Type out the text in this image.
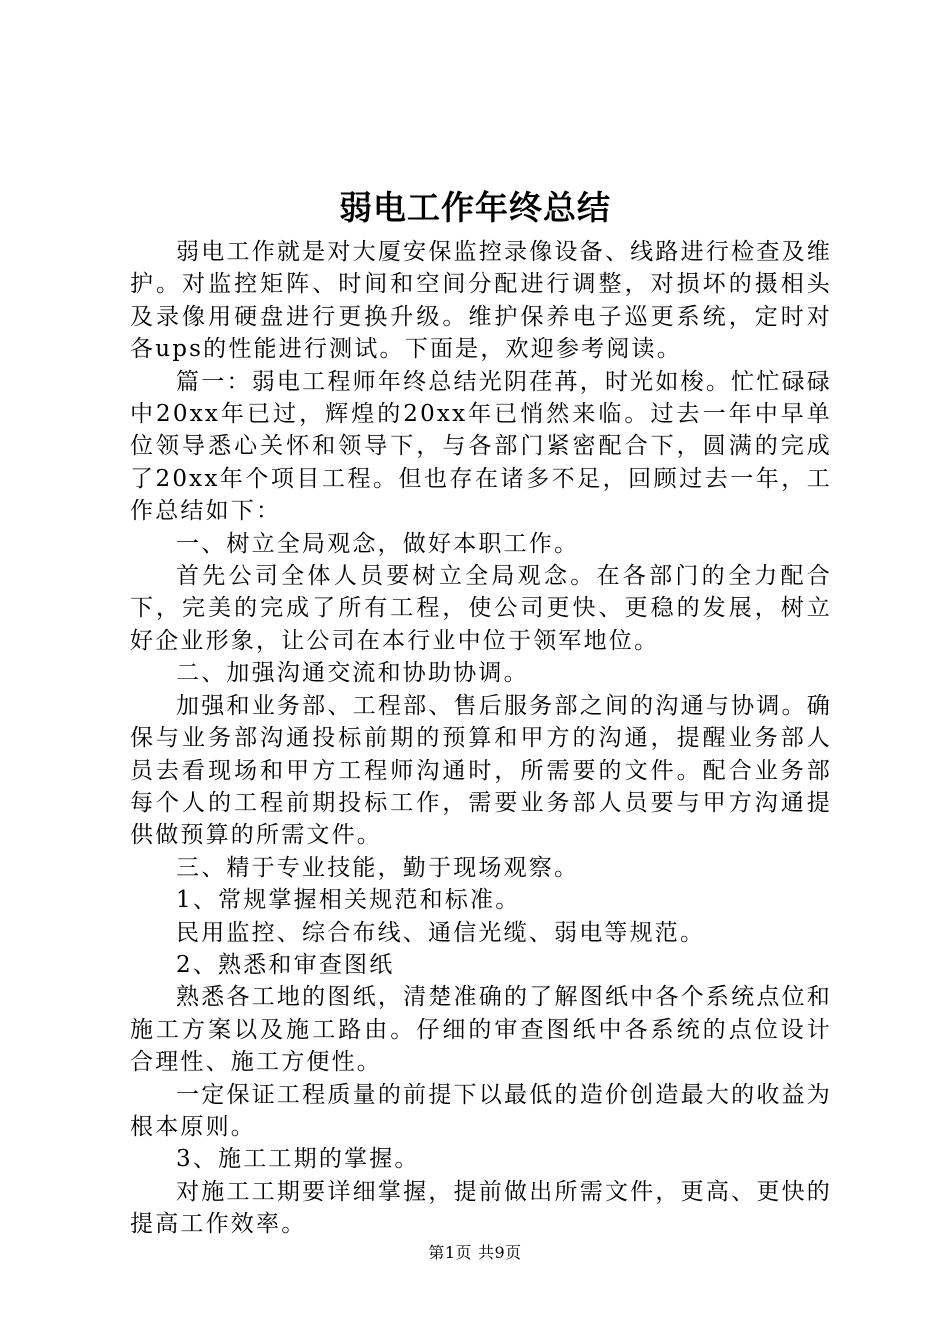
弱电工作年终总结

弱电工作就是对大厦安保监控录像设备、线路进行检查及维护。对监控矩阵、时间和空间分配进行调整，对损坏的摄相头及录像用硬盘进行更换升级。维护保养电子巡更系统，定时对各ups的性能进行测试。下面是，欢迎参考阅读。

篇一：弱电工程师年终总结光阴荏苒，时光如梭。忙忙碌碌中20xx年已过，辉煌的20xx年已悄然来临。过去一年中早单位领导悉心关怀和领导下，与各部门紧密配合下，圆满的完成了20xx年个项目工程。但也存在诸多不足，回顾过去一年，工作总结如下：

一、树立全局观念，做好本职工作。

首先公司全体人员要树立全局观念。在各部门的全力配合下，完美的完成了所有工程，使公司更快、更稳的发展，树立好企业形象，让公司在本行业中位于领军地位。

二、加强沟通交流和协助协调。

加强和业务部、工程部、售后服务部之间的沟通与协调。确保与业务部沟通投标前期的预算和甲方的沟通，提醒业务部人员去看现场和甲方工程师沟通时，所需要的文件。配合业务部每个人的工程前期投标工作，需要业务部人员要与甲方沟通提供做预算的所需文件。

三、精于专业技能，勤于现场观察。

1、常规掌握相关规范和标准。

民用监控、综合布线、通信光缆、弱电等规范。

2、熟悉和审查图纸

熟悉各工地的图纸，清楚准确的了解图纸中各个系统点位和施工方案以及施工路由。仔细的审查图纸中各系统的点位设计合理性、施工方便性。

一定保证工程质量的前提下以最低的造价创造最大的收益为根本原则。

3、施工工期的掌握。

对施工工期要详细掌握，提前做出所需文件，更高、更快的提高工作效率。

第1页 共9页
